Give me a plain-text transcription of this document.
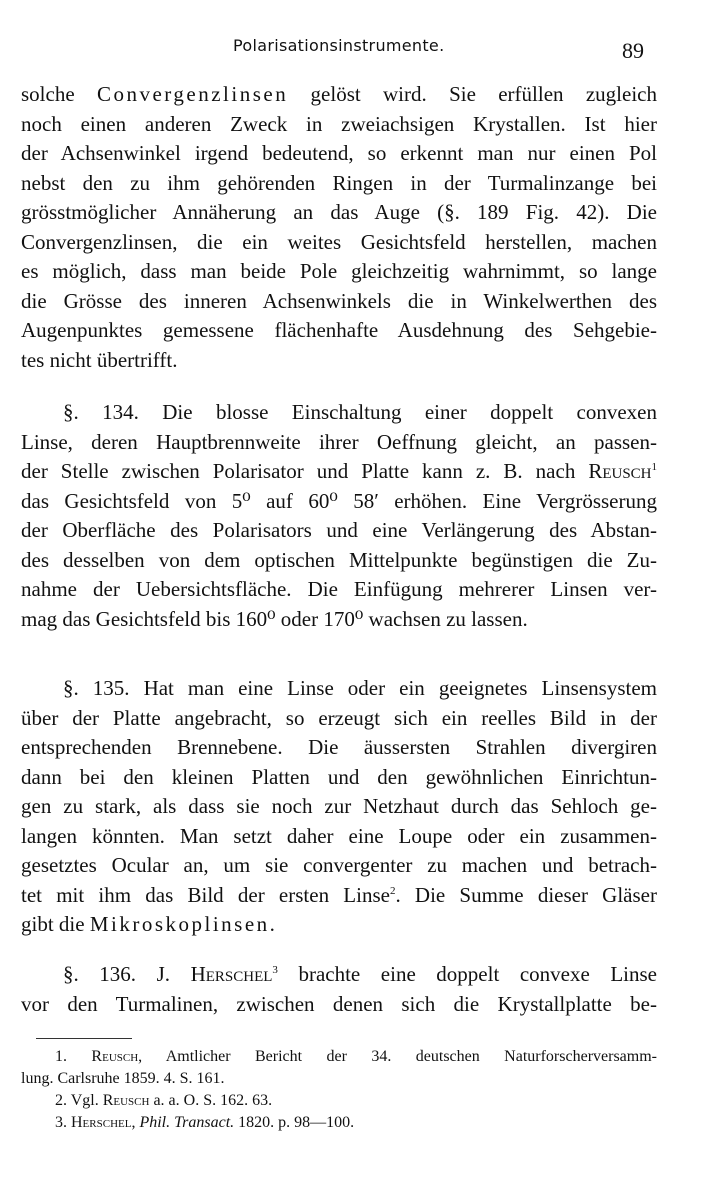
Polarisationsinstrumente.	89
solche Convergenzlinsen gelöst wird. Sie erfüllen zugleich
noch einen anderen Zweck in zweiachsigen Krystallen. Ist hier
der Achsenwinkel irgend bedeutend, so erkennt man nur einen Pol
nebst den zu ihm gehörenden Ringen in der Turmalinzange bei
grösstmöglicher Annäherung an das Auge (§. 189 Fig. 42). Die
Convergenzlinsen, die ein weites Gesichtsfeld herstellen, machen
es möglich, dass man beide Pole gleichzeitig wahrnimmt, so lange
die Grösse des inneren Achsenwinkels die in Winkelwerthen des
Augenpunktes gemessene flächenhafte Ausdehnung des Sehgebie-
tes nicht übertrifft.
§. 134. Die blosse Einschaltung einer doppelt convexen
Linse, deren Hauptbrennweite ihrer Oeffnung gleicht, an passen-
der Stelle zwischen Polarisator und Platte kann z. B. nach Reusch$^1$
das Gesichtsfeld von 5⁰ auf 60⁰ 58′ erhöhen. Eine Vergrösserung
der Oberfläche des Polarisators und eine Verlängerung des Abstan-
des desselben von dem optischen Mittelpunkte begünstigen die Zu-
nahme der Uebersichtsfläche. Die Einfügung mehrerer Linsen ver-
mag das Gesichtsfeld bis 160⁰ oder 170⁰ wachsen zu lassen.
§. 135. Hat man eine Linse oder ein geeignetes Linsensystem
über der Platte angebracht, so erzeugt sich ein reelles Bild in der
entsprechenden Brennebene. Die äussersten Strahlen divergiren
dann bei den kleinen Platten und den gewöhnlichen Einrichtun-
gen zu stark, als dass sie noch zur Netzhaut durch das Sehloch ge-
langen könnten. Man setzt daher eine Loupe oder ein zusammen-
gesetztes Ocular an, um sie convergenter zu machen und betrach-
tet mit ihm das Bild der ersten Linse$^2$. Die Summe dieser Gläser
gibt die Mikroskoplinsen.
§. 136. J. Herschel$^3$ brachte eine doppelt convexe Linse
vor den Turmalinen, zwischen denen sich die Krystallplatte be-
1. Reusch, Amtlicher Bericht der 34. deutschen Naturforscherversamm-
lung. Carlsruhe 1859. 4. S. 161.
2. Vgl. Reusch a. a. O. S. 162. 63.
3. Herschel, Phil. Transact. 1820. p. 98—100.
